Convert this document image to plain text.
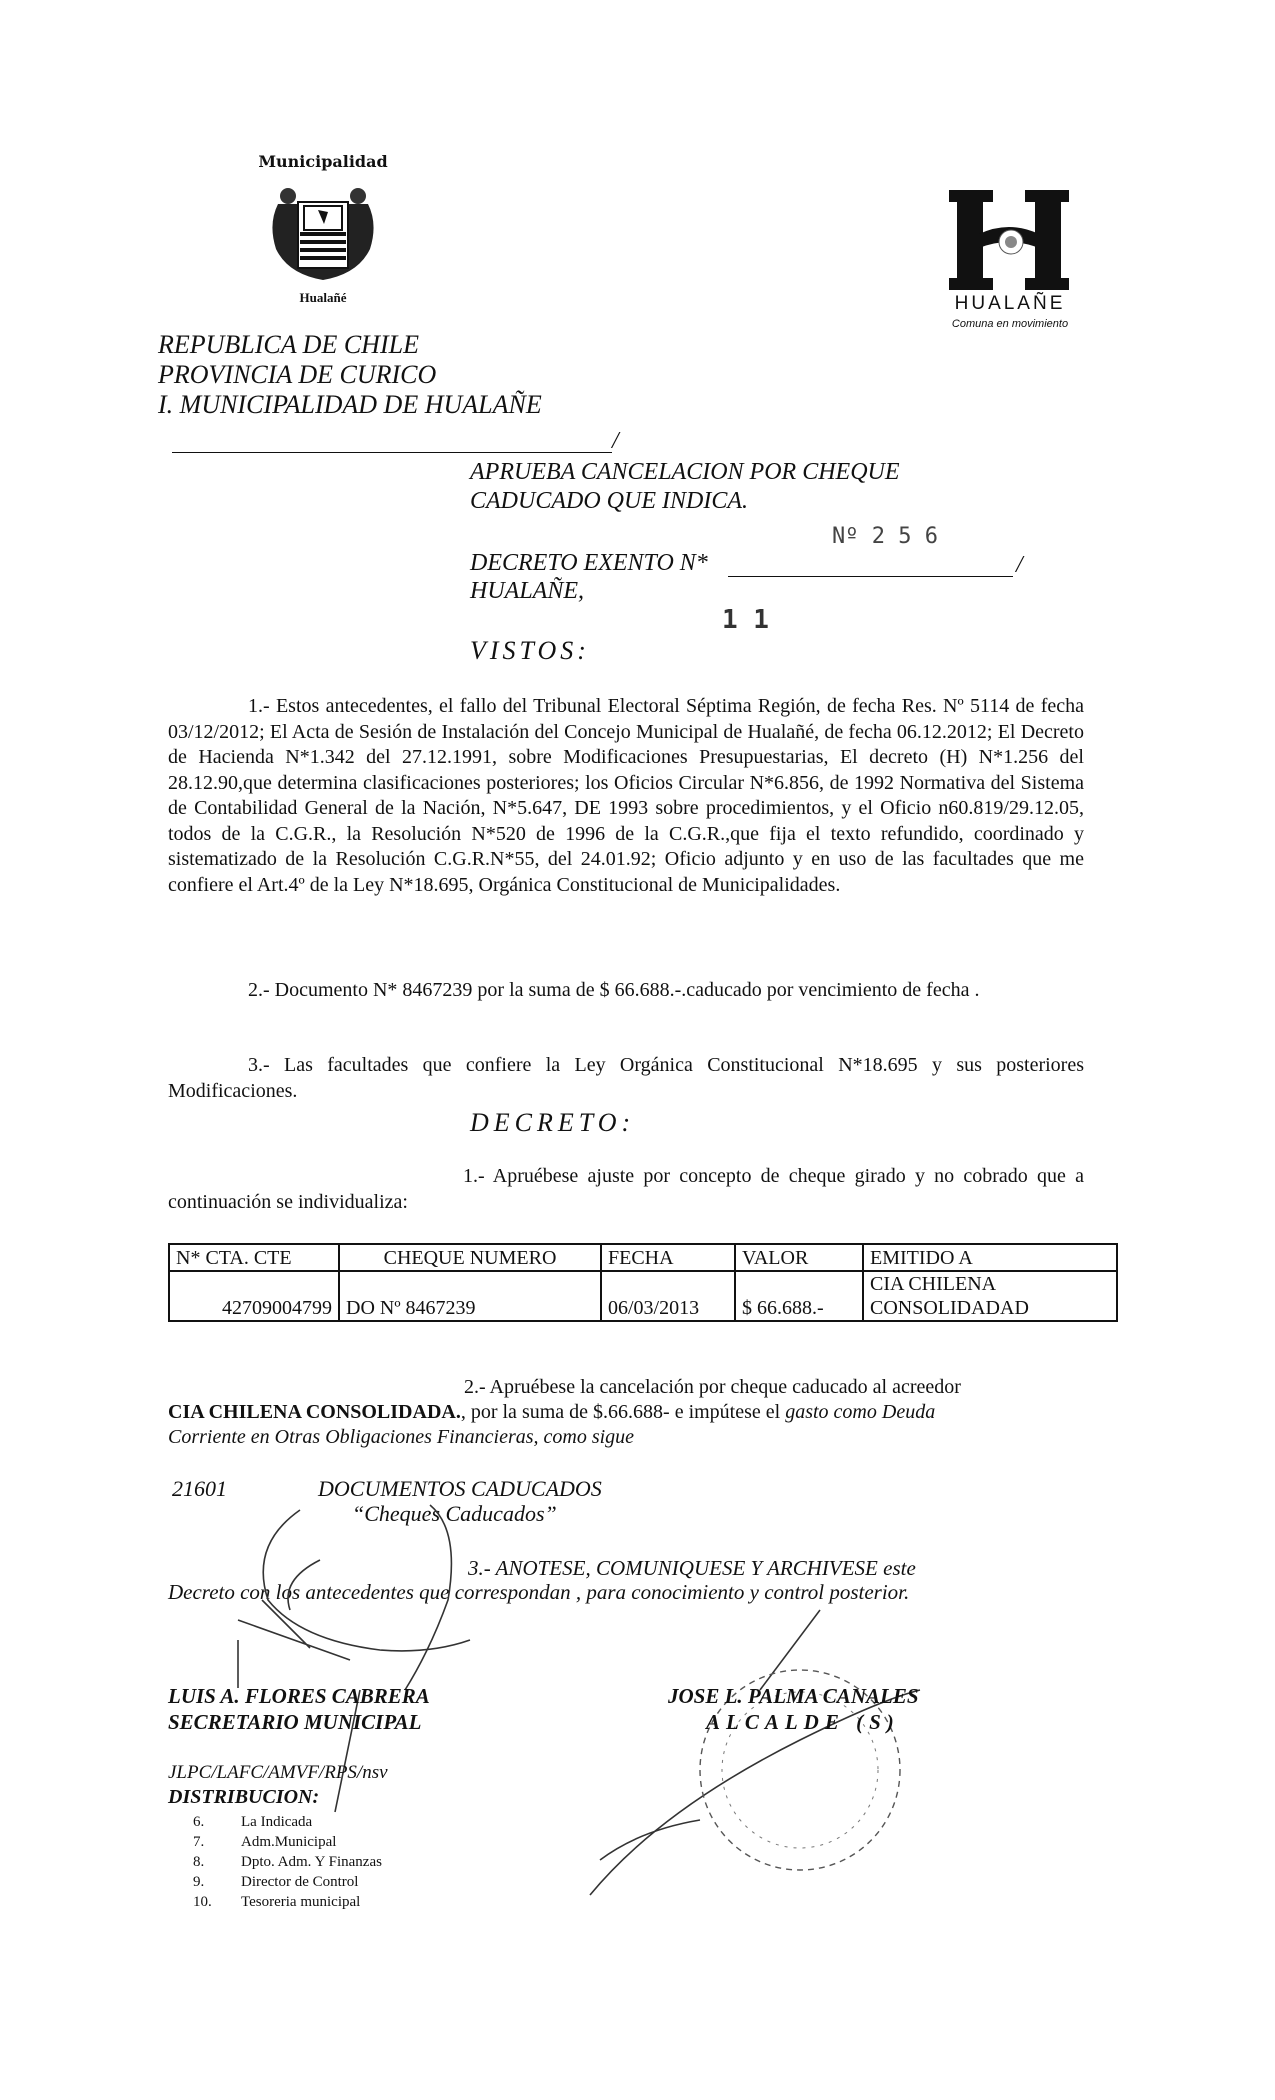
Municipalidad
Hualañé	HUALAÑE
Comuna en movimiento
REPUBLICA DE CHILE
PROVINCIA DE CURICO
I. MUNICIPALIDAD DE HUALAÑE
/
APRUEBA CANCELACION POR CHEQUE
CADUCADO QUE INDICA.
Nº 2 5 6
DECRETO EXENTO N*	/
HUALAÑE,
1 1
VISTOS:
1.- Estos antecedentes, el fallo del Tribunal Electoral Séptima Región, de fecha Res. Nº 5114 de fecha 03/12/2012; El Acta de Sesión de Instalación del Concejo Municipal de Hualañé, de fecha 06.12.2012; El Decreto de Hacienda N*1.342 del 27.12.1991, sobre Modificaciones Presupuestarias, El decreto (H) N*1.256 del 28.12.90,que determina clasificaciones posteriores; los Oficios Circular N*6.856, de 1992 Normativa del Sistema de Contabilidad General de la Nación, N*5.647, DE 1993 sobre procedimientos, y el Oficio n60.819/29.12.05, todos de la C.G.R., la Resolución N*520 de 1996 de la C.G.R.,que fija el texto refundido, coordinado y sistematizado de la Resolución C.G.R.N*55, del 24.01.92; Oficio adjunto y en uso de las facultades que me confiere el Art.4º de la Ley N*18.695, Orgánica Constitucional de Municipalidades.
2.- Documento N* 8467239 por la suma de $ 66.688.-.caducado por vencimiento de fecha .
3.- Las facultades que confiere la Ley Orgánica Constitucional N*18.695 y sus posteriores Modificaciones.
DECRETO:
1.- Apruébese ajuste por concepto de cheque girado y no cobrado que a continuación se individualiza:
N* CTA. CTE	CHEQUE NUMERO	FECHA	VALOR	EMITIDO A
42709004799	DO Nº 8467239	06/03/2013	$ 66.688.-	CIA CHILENA
CONSOLIDADAD
2.- Apruébese la cancelación por cheque caducado al acreedor
CIA CHILENA CONSOLIDADA., por la suma de $.66.688- e impútese el gasto como Deuda
Corriente en Otras Obligaciones Financieras, como sigue
21601	DOCUMENTOS CADUCADOS
“Cheques Caducados”
3.- ANOTESE, COMUNIQUESE Y ARCHIVESE este
Decreto con los antecedentes que correspondan , para conocimiento y control posterior.
LUIS A. FLORES CABRERA
SECRETARIO MUNICIPAL
JOSE L. PALMA CANALES
ALCALDE (S)
JLPC/LAFC/AMVF/RPS/nsv
DISTRIBUCION:
6. La Indicada
7. Adm.Municipal
8. Dpto. Adm. Y Finanzas
9. Director de Control
10. Tesoreria municipal
